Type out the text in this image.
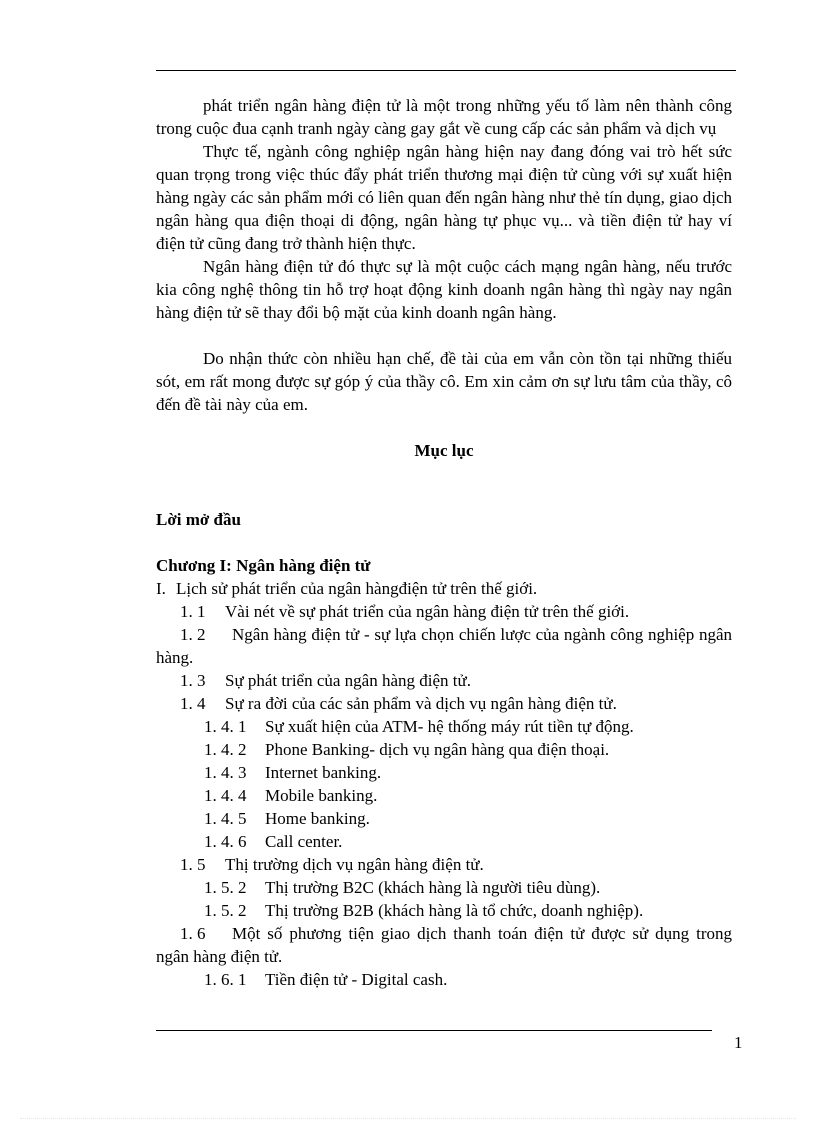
phát triển ngân hàng điện tử là một trong những yếu tố làm nên thành công trong cuộc đua cạnh tranh ngày càng gay gắt về cung cấp các sản phẩm và dịch vụ

Thực tế, ngành công nghiệp ngân hàng hiện nay đang đóng vai trò hết sức quan trọng trong việc thúc đẩy phát triển thương mại điện tử cùng với sự xuất hiện hàng ngày các sản phẩm mới có liên quan đến ngân hàng như thẻ tín dụng, giao dịch ngân hàng qua điện thoại di động, ngân hàng tự phục vụ... và tiền điện tử hay ví điện tử cũng đang trở thành hiện thực.

Ngân hàng điện tử đó thực sự là một cuộc cách mạng ngân hàng, nếu trước kia công nghệ thông tin hỗ trợ hoạt động kinh doanh ngân hàng thì ngày nay ngân hàng điện tử sẽ thay đổi bộ mặt của kinh doanh ngân hàng.

Do nhận thức còn nhiều hạn chế, đề tài của em vẫn còn tồn tại những thiếu sót, em rất mong được sự góp ý của thầy cô. Em xin cảm ơn sự lưu tâm của thầy, cô đến đề tài này của em.

Mục lục

Lời mở đầu

Chương I: Ngân hàng điện tử

I. Lịch sử phát triển của ngân hàngđiện tử trên thế giới.

1. 1 Vài nét về sự phát triển của ngân hàng điện tử trên thế giới.

1. 2 Ngân hàng điện tử - sự lựa chọn chiến lược của ngành công nghiệp ngân hàng.

1. 3 Sự phát triển của ngân hàng điện tử.

1. 4 Sự ra đời của các sản phẩm và dịch vụ ngân hàng điện tử.

1. 4. 1 Sự xuất hiện của ATM- hệ thống máy rút tiền tự động.

1. 4. 2 Phone Banking- dịch vụ ngân hàng qua điện thoại.

1. 4. 3 Internet banking.

1. 4. 4 Mobile banking.

1. 4. 5 Home banking.

1. 4. 6 Call center.

1. 5 Thị trường dịch vụ ngân hàng điện tử.

1. 5. 2 Thị trường B2C (khách hàng là người tiêu dùng).

1. 5. 2 Thị trường B2B (khách hàng là tổ chức, doanh nghiệp).

1. 6 Một số phương tiện giao dịch thanh toán điện tử được sử dụng trong ngân hàng điện tử.

1. 6. 1 Tiền điện tử - Digital cash.

1
